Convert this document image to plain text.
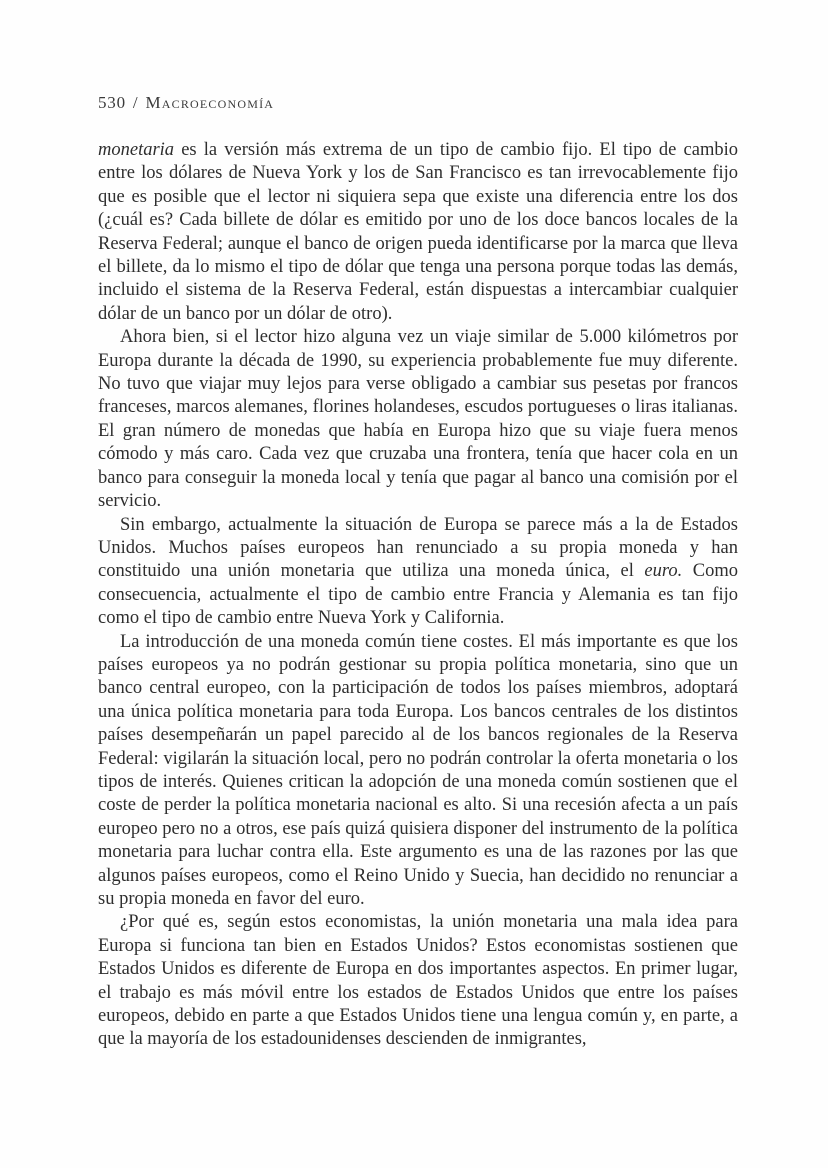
530 / Macroeconomía

monetaria es la versión más extrema de un tipo de cambio fijo. El tipo de cambio entre los dólares de Nueva York y los de San Francisco es tan irrevocablemente fijo que es posible que el lector ni siquiera sepa que existe una diferencia entre los dos (¿cuál es? Cada billete de dólar es emitido por uno de los doce bancos locales de la Reserva Federal; aunque el banco de origen pueda identificarse por la marca que lleva el billete, da lo mismo el tipo de dólar que tenga una persona porque todas las demás, incluido el sistema de la Reserva Federal, están dispuestas a intercambiar cualquier dólar de un banco por un dólar de otro).

Ahora bien, si el lector hizo alguna vez un viaje similar de 5.000 kilómetros por Europa durante la década de 1990, su experiencia probablemente fue muy diferente. No tuvo que viajar muy lejos para verse obligado a cambiar sus pesetas por francos franceses, marcos alemanes, florines holandeses, escudos portugueses o liras italianas. El gran número de monedas que había en Europa hizo que su viaje fuera menos cómodo y más caro. Cada vez que cruzaba una frontera, tenía que hacer cola en un banco para conseguir la moneda local y tenía que pagar al banco una comisión por el servicio.

Sin embargo, actualmente la situación de Europa se parece más a la de Estados Unidos. Muchos países europeos han renunciado a su propia moneda y han constituido una unión monetaria que utiliza una moneda única, el euro. Como consecuencia, actualmente el tipo de cambio entre Francia y Alemania es tan fijo como el tipo de cambio entre Nueva York y California.

La introducción de una moneda común tiene costes. El más importante es que los países europeos ya no podrán gestionar su propia política monetaria, sino que un banco central europeo, con la participación de todos los países miembros, adoptará una única política monetaria para toda Europa. Los bancos centrales de los distintos países desempeñarán un papel parecido al de los bancos regionales de la Reserva Federal: vigilarán la situación local, pero no podrán controlar la oferta monetaria o los tipos de interés. Quienes critican la adopción de una moneda común sostienen que el coste de perder la política monetaria nacional es alto. Si una recesión afecta a un país europeo pero no a otros, ese país quizá quisiera disponer del instrumento de la política monetaria para luchar contra ella. Este argumento es una de las razones por las que algunos países europeos, como el Reino Unido y Suecia, han decidido no renunciar a su propia moneda en favor del euro.

¿Por qué es, según estos economistas, la unión monetaria una mala idea para Europa si funciona tan bien en Estados Unidos? Estos economistas sostienen que Estados Unidos es diferente de Europa en dos importantes aspectos. En primer lugar, el trabajo es más móvil entre los estados de Estados Unidos que entre los países europeos, debido en parte a que Estados Unidos tiene una lengua común y, en parte, a que la mayoría de los estadounidenses descienden de inmigrantes,
